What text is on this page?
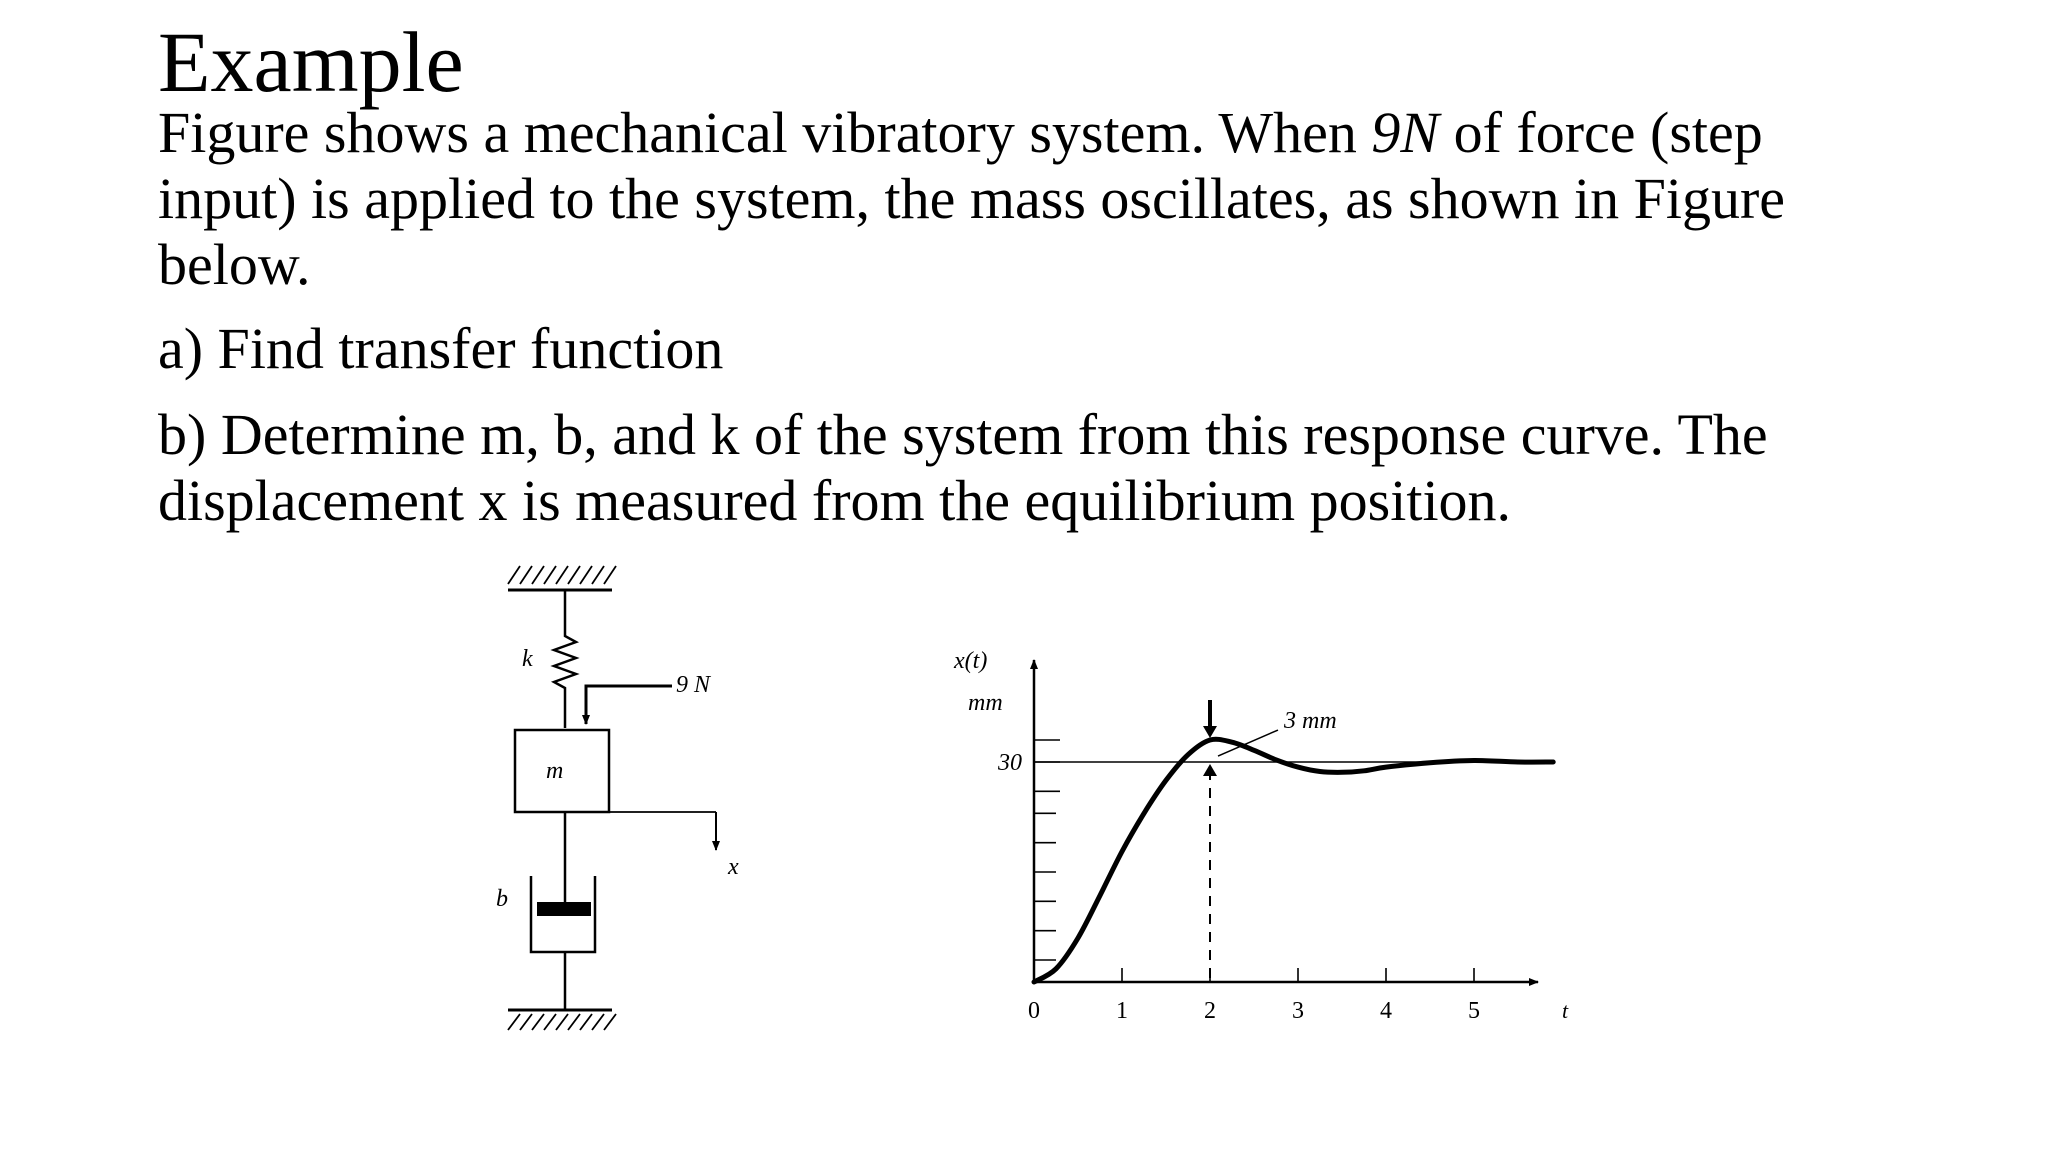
Example

Figure shows a mechanical vibratory system. When 9N of force (step

input) is applied to the system, the mass oscillates, as shown in Figure

below.

a) Find transfer function

b) Determine m, b, and k of the system from this response curve. The

displacement x is measured from the equilibrium position.

k
9 N
m
b
x
0	1	2	3	4	5
x(t)
mm
30
3 mm
t
